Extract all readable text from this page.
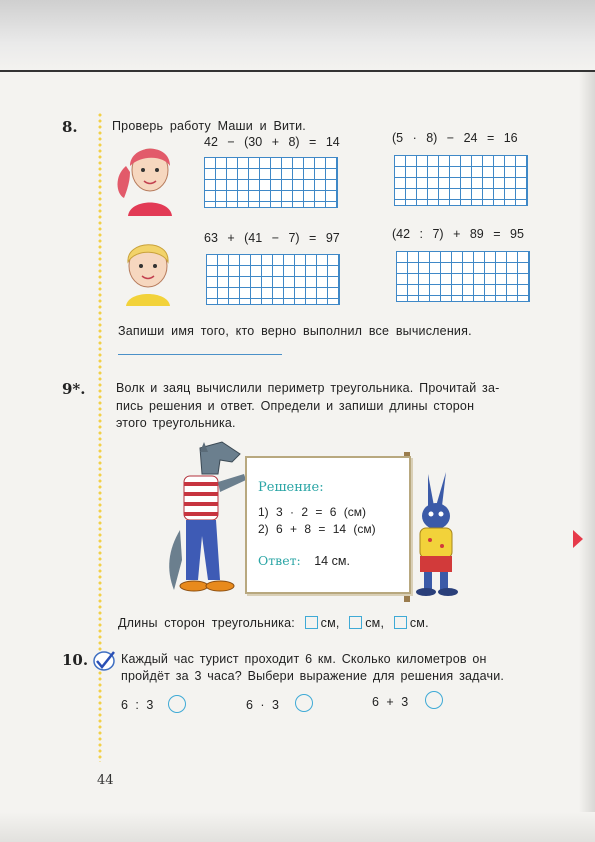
8.	Проверь работу Маши и Вити.
42 − (30 + 8) = 14	(5 · 8) − 24 = 16
63 + (41 − 7) = 97	(42 : 7) + 89 = 95
Запиши имя того, кто верно выполнил все вычисления.
9*. Волк и заяц вычислили периметр треугольника. Прочитай за-
пись решения и ответ. Определи и запиши длины сторон
этого треугольника.
Решение:
1) 3 · 2 = 6 (см)
2) 6 + 8 = 14 (см)
Ответ: 14 см.
Длины сторон треугольника: см, см, см.
10.	Каждый час турист проходит 6 км. Сколько километров он
пройдёт за 3 часа? Выбери выражение для решения задачи.
6 : 3	6 · 3	6 + 3
44
